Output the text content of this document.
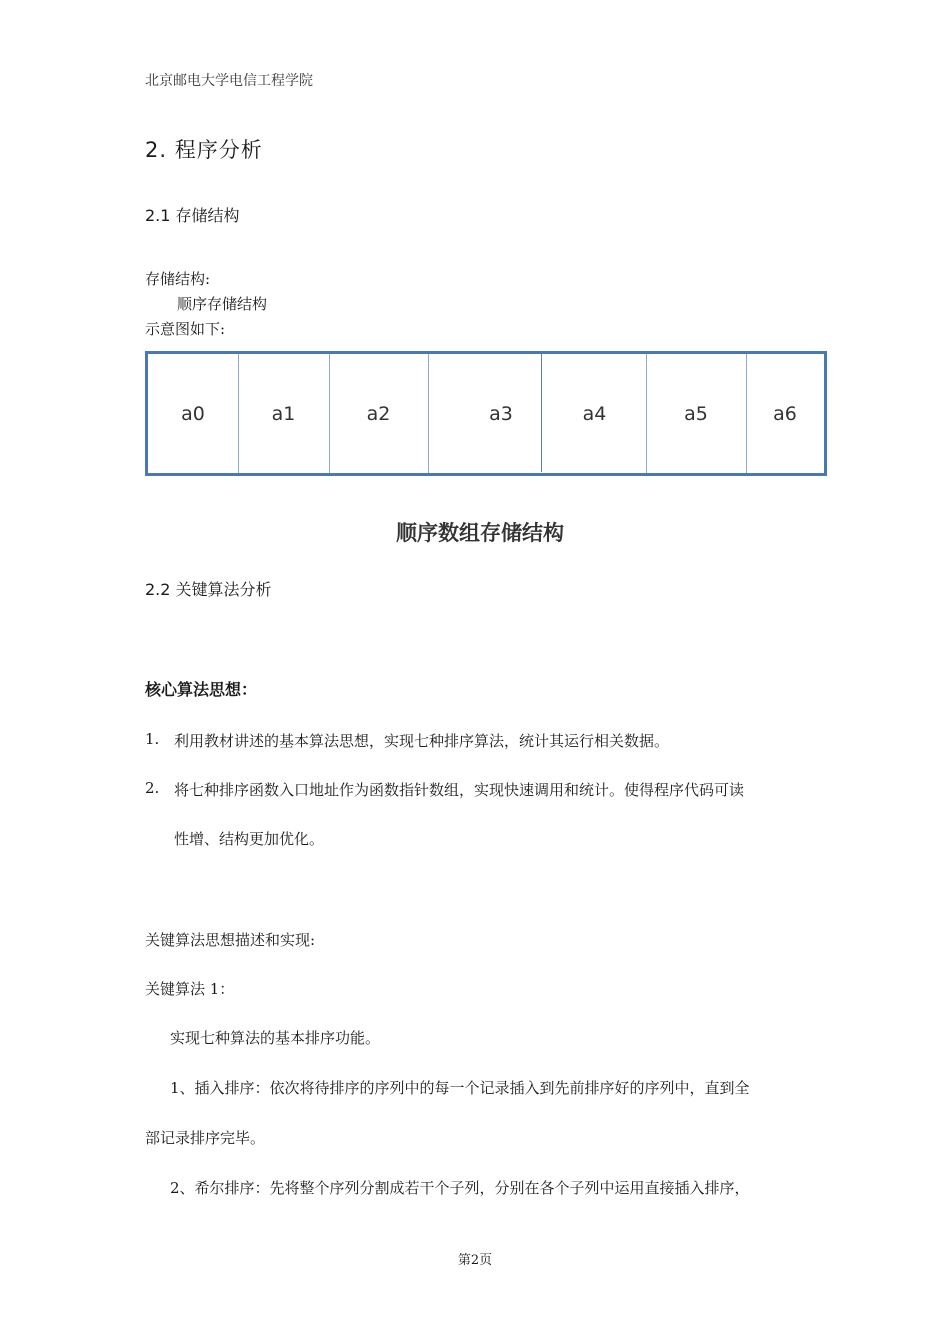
北京邮电大学电信工程学院
2. 程序分析
2.1 存储结构
存储结构:
顺序存储结构
示意图如下:
a0	a1	a2	a3	a4	a5	a6
顺序数组存储结构
2.2 关键算法分析
核心算法思想：
1. 利用教材讲述的基本算法思想，实现七种排序算法，统计其运行相关数据。
2. 将七种排序函数入口地址作为函数指针数组，实现快速调用和统计。使得程序代码可读
性增、结构更加优化。
关键算法思想描述和实现:
关键算法 1：
实现七种算法的基本排序功能。
1、插入排序：依次将待排序的序列中的每一个记录插入到先前排序好的序列中，直到全
部记录排序完毕。
2、希尔排序：先将整个序列分割成若干个子列，分别在各个子列中运用直接插入排序，
第2页
